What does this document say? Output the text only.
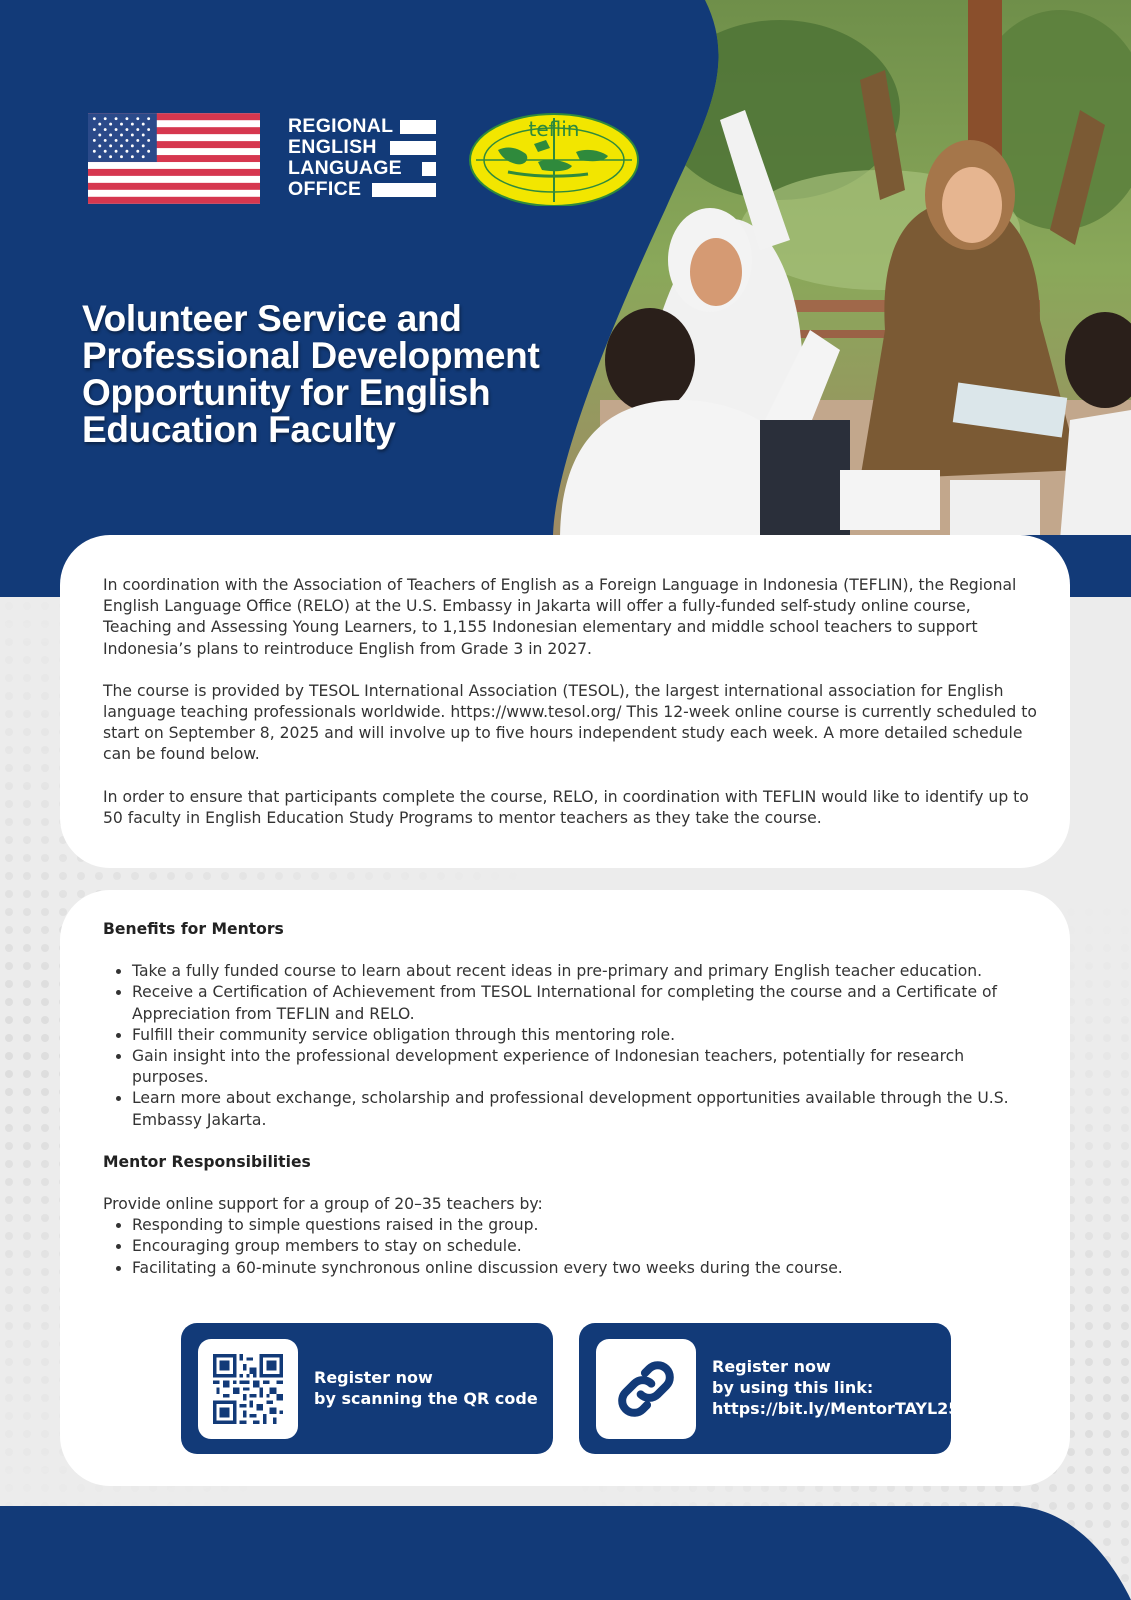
REGIONAL
ENGLISH
LANGUAGE
OFFICE
teflin
Volunteer Service and
Professional Development
Opportunity for English
Education Faculty

In coordination with the Association of Teachers of English as a Foreign Language in Indonesia (TEFLIN), the Regional English Language Office (RELO) at the U.S. Embassy in Jakarta will offer a fully-funded self-study online course, Teaching and Assessing Young Learners, to 1,155 Indonesian elementary and middle school teachers to support Indonesia’s plans to reintroduce English from Grade 3 in 2027.

The course is provided by TESOL International Association (TESOL), the largest international association for English language teaching professionals worldwide. https://www.tesol.org/ This 12-week online course is currently scheduled to start on September 8, 2025 and will involve up to five hours independent study each week. A more detailed schedule can be found below.

In order to ensure that participants complete the course, RELO, in coordination with TEFLIN would like to identify up to 50 faculty in English Education Study Programs to mentor teachers as they take the course.

Benefits for Mentors
• Take a fully funded course to learn about recent ideas in pre-primary and primary English teacher education.
• Receive a Certification of Achievement from TESOL International for completing the course and a Certificate of Appreciation from TEFLIN and RELO.
• Fulfill their community service obligation through this mentoring role.
• Gain insight into the professional development experience of Indonesian teachers, potentially for research purposes.
• Learn more about exchange, scholarship and professional development opportunities available through the U.S. Embassy Jakarta.
Mentor Responsibilities

Provide online support for a group of 20–35 teachers by:

• Responding to simple questions raised in the group.
• Encouraging group members to stay on schedule.
• Facilitating a 60-minute synchronous online discussion every two weeks during the course.
Register now
by scanning the QR code
Register now
by using this link:
https://bit.ly/MentorTAYL25
